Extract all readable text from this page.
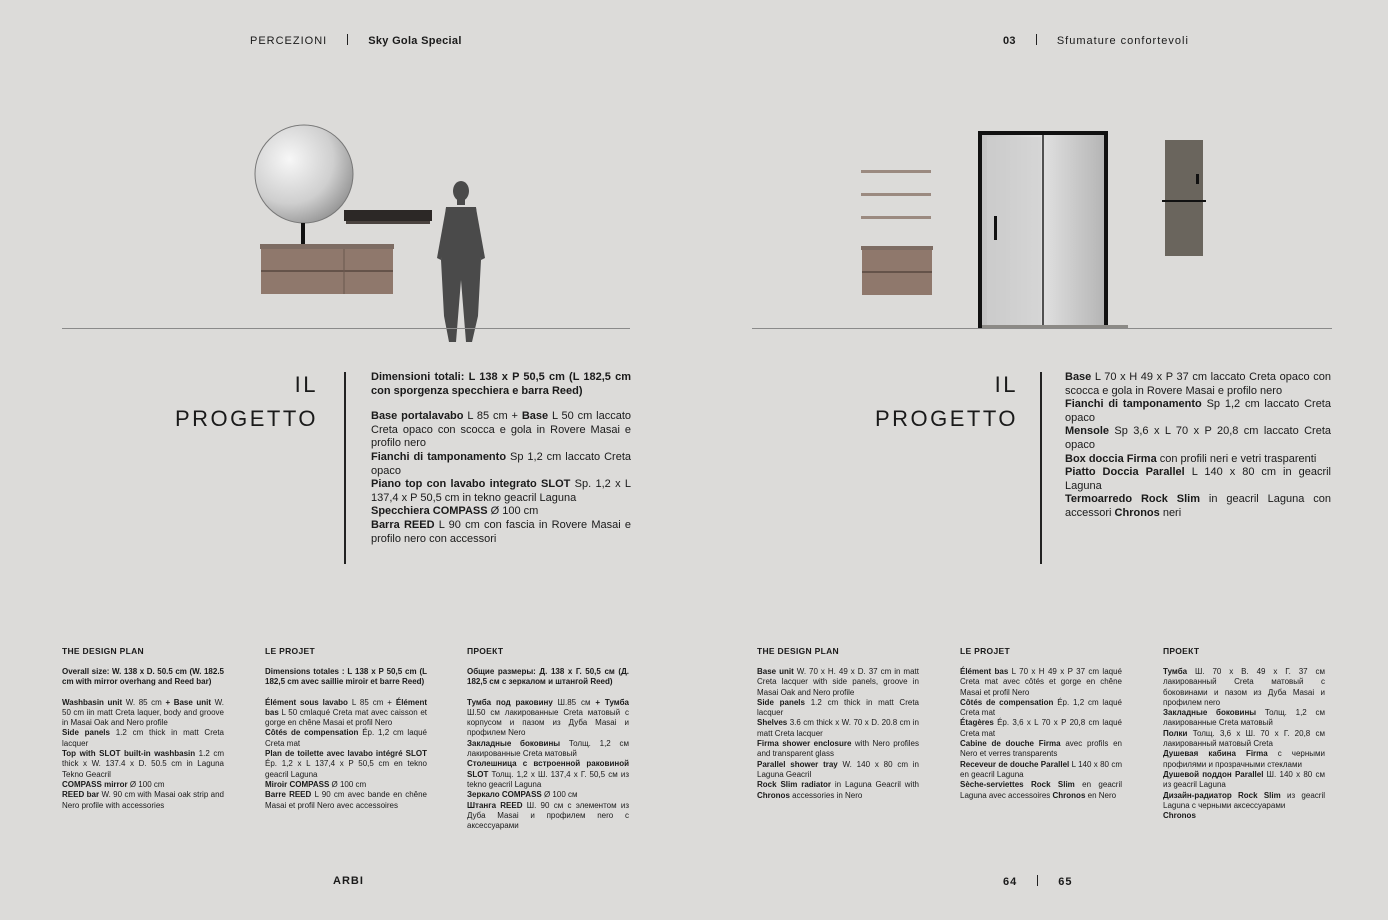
PERCEZIONI	Sky Gola Special	03	Sfumature confortevoli
IL
PROGETTO

Dimensioni totali: L 138 x P 50,5 cm (L 182,5 cm con sporgenza specchiera e barra Reed)

Base portalavabo L 85 cm + Base L 50 cm laccato Creta opaco con scocca e gola in Rovere Masai e profilo nero
Fianchi di tamponamento Sp 1,2 cm laccato Creta opaco
Piano top con lavabo integrato SLOT Sp. 1,2 x L 137,4 x P 50,5 cm in tekno geacril Laguna
Specchiera COMPASS Ø 100 cm
Barra REED L 90 cm con fascia in Rovere Masai e profilo nero con accessori
IL
PROGETTO
Base L 70 x H 49 x P 37 cm laccato Creta opaco con scocca e gola in Rovere Masai e profilo nero
Fianchi di tamponamento Sp 1,2 cm laccato Creta opaco
Mensole Sp 3,6 x L 70 x P 20,8 cm laccato Creta opaco
Box doccia Firma con profili neri e vetri trasparenti
Piatto Doccia Parallel L 140 x 80 cm in geacril Laguna
Termoarredo Rock Slim in geacril Laguna con accessori Chronos neri
THE DESIGN PLAN

Overall size: W. 138 x D. 50.5 cm (W. 182.5 cm with mirror overhang and Reed bar)

Washbasin unit W. 85 cm + Base unit W. 50 cm iin matt Creta laquer, body and groove in Masai Oak and Nero profile
Side panels 1.2 cm thick in matt Creta lacquer
Top with SLOT built-in washbasin 1.2 cm thick x W. 137.4 x D. 50.5 cm in Laguna Tekno Geacril
COMPASS mirror Ø 100 cm
REED bar W. 90 cm with Masai oak strip and Nero profile with accessories
LE PROJET

Dimensions totales : L 138 x P 50,5 cm (L 182,5 cm avec saillie miroir et barre Reed)

Élément sous lavabo L 85 cm + Élément bas L 50 cmlaqué Creta mat avec caisson et gorge en chêne Masai et profil Nero
Côtés de compensation Ép. 1,2 cm laqué Creta mat
Plan de toilette avec lavabo intégré SLOT Ép. 1,2 x L 137,4 x P 50,5 cm en tekno geacril Laguna
Miroir COMPASS Ø 100 cm
Barre REED L 90 cm avec bande en chêne Masai et profil Nero avec accessoires
ПРОЕКТ

Общие размеры: Д. 138 х Г. 50,5 см (Д. 182,5 см с зеркалом и штангой Reed)

Тумба под раковину Ш.85 см + Тумба Ш.50 см лакированные Creta матовый с корпусом и пазом из Дуба Masai и профилем Nero
Закладные боковины Толщ. 1,2 см лакированные Creta матовый
Столешница с встроенной раковиной SLOT Толщ. 1,2 х Ш. 137,4 х Г. 50,5 см из tekno geacril Laguna
Зеркало COMPASS Ø 100 см
Штанга REED Ш. 90 см с элементом из Дуба Masai и профилем nero с аксессуарами
THE DESIGN PLAN
Base unit W. 70 x H. 49 x D. 37 cm in matt Creta lacquer with side panels, groove in Masai Oak and Nero profile
Side panels 1.2 cm thick in matt Creta lacquer
Shelves 3.6 cm thick x W. 70 x D. 20.8 cm in matt Creta lacquer
Firma shower enclosure with Nero profiles and transparent glass
Parallel shower tray W. 140 x 80 cm in Laguna Geacril
Rock Slim radiator in Laguna Geacril with Chronos accessories in Nero
LE PROJET
Élément bas L 70 x H 49 x P 37 cm laqué Creta mat avec côtés et gorge en chêne Masai et profil Nero
Côtés de compensation Ép. 1,2 cm laqué Creta mat
Étagères Ép. 3,6 x L 70 x P 20,8 cm laqué Creta mat
Cabine de douche Firma avec profils en Nero et verres transparents
Receveur de douche Parallel L 140 x 80 cm en geacril Laguna
Sèche-serviettes Rock Slim en geacril Laguna avec accessoires Chronos en Nero
ПРОЕКТ
Тумба Ш. 70 х В. 49 х Г. 37 см лакированный Creta матовый с боковинами и пазом из Дуба Masai и профилем nero
Закладные боковины Толщ. 1,2 см лакированные Creta матовый
Полки Толщ. 3,6 х Ш. 70 х Г. 20,8 см лакированный матовый Creta
Душевая кабина Firma с черными профилями и прозрачными стеклами
Душевой поддон Parallel Ш. 140 х 80 см из geacril Laguna
Дизайн-радиатор Rock Slim из geacril Laguna с черными аксессуарами
Chronos
ARBI	64	65
